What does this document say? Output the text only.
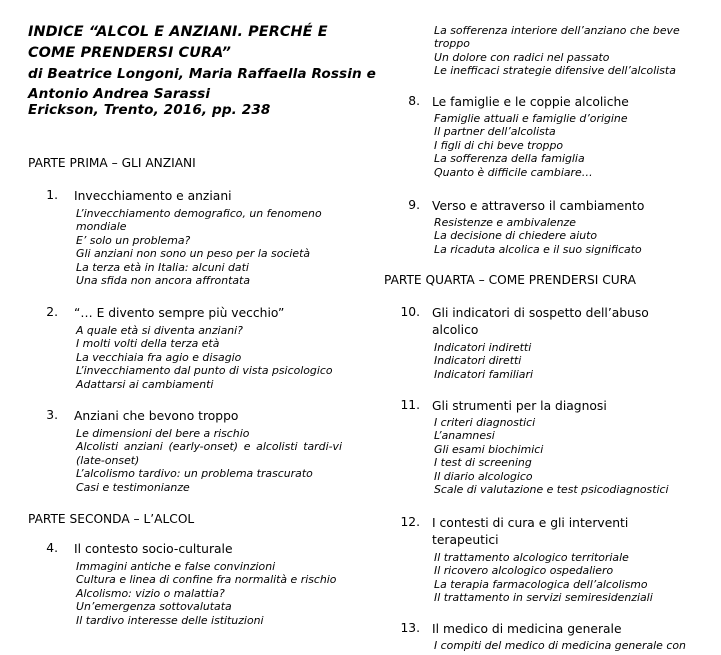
INDICE “ALCOL E ANZIANI. PERCHÉ E
COME PRENDERSI CURA”
di Beatrice Longoni, Maria Raffaella Rossin e
Antonio Andrea Sarassi
Erickson, Trento, 2016, pp. 238
PARTE PRIMA – GLI ANZIANI
1. Invecchiamento e anziani
L’invecchiamento demografico, un fenomeno mondiale
E’ solo un problema?
Gli anziani non sono un peso per la società
La terza età in Italia: alcuni dati
Una sfida non ancora affrontata
2. “… E divento sempre più vecchio”
A quale età si diventa anziani?
I molti volti della terza età
La vecchiaia fra agio e disagio
L’invecchiamento dal punto di vista psicologico
Adattarsi ai cambiamenti
3. Anziani che bevono troppo
Le dimensioni del bere a rischio
Alcolisti anziani (early-onset) e alcolisti tardi-vi (late-onset)
L’alcolismo tardivo: un problema trascurato
Casi e testimonianze
PARTE SECONDA – L’ALCOL
4. Il contesto socio-culturale
Immagini antiche e false convinzioni
Cultura e linea di confine fra normalità e rischio
Alcolismo: vizio o malattia?
Un’emergenza sottovalutata
Il tardivo interesse delle istituzioni
La sofferenza interiore dell’anziano che beve troppo
Un dolore con radici nel passato
Le inefficaci strategie difensive dell’alcolista
8. Le famiglie e le coppie alcoliche
Famiglie attuali e famiglie d’origine
Il partner dell’alcolista
I figli di chi beve troppo
La sofferenza della famiglia
Quanto è difficile cambiare…
9. Verso e attraverso il cambiamento
Resistenze e ambivalenze
La decisione di chiedere aiuto
La ricaduta alcolica e il suo significato
PARTE QUARTA – COME PRENDERSI CURA
10. Gli indicatori di sospetto dell’abuso alcolico
Indicatori indiretti
Indicatori diretti
Indicatori familiari
11. Gli strumenti per la diagnosi
I criteri diagnostici
L’anamnesi
Gli esami biochimici
I test di screening
Il diario alcologico
Scale di valutazione e test psicodiagnostici
12. I contesti di cura e gli interventi terapeutici
Il trattamento alcologico territoriale
Il ricovero alcologico ospedaliero
La terapia farmacologica dell’alcolismo
Il trattamento in servizi semiresidenziali
13. Il medico di medicina generale
I compiti del medico di medicina generale con
